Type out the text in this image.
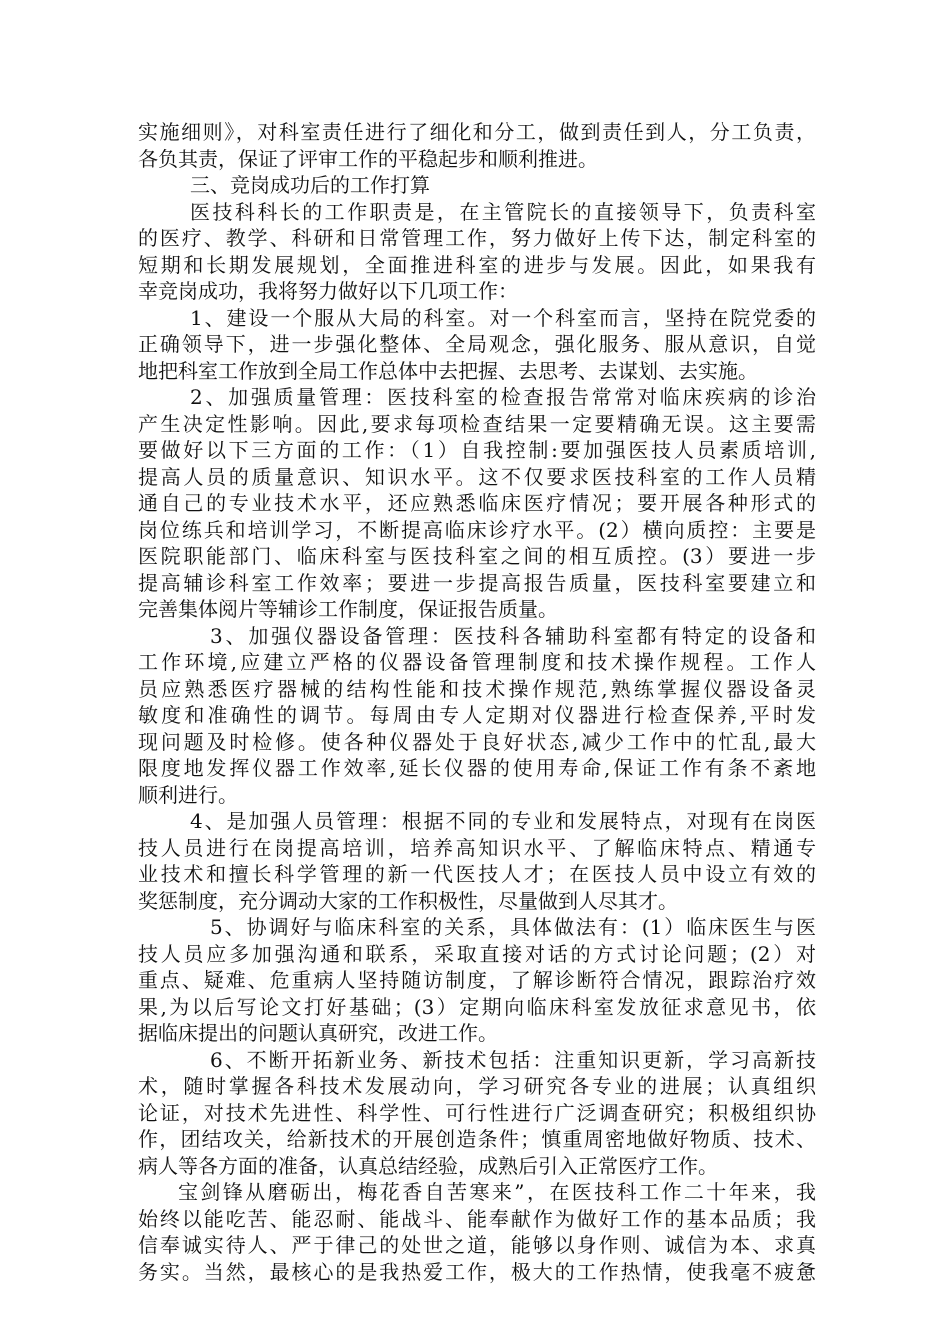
实施细则》，对科室责任进行了细化和分工，做到责任到人，分工负责，
各负其责，保证了评审工作的平稳起步和顺利推进。
三、竞岗成功后的工作打算
医技科科长的工作职责是，在主管院长的直接领导下，负责科室
的医疗、教学、科研和日常管理工作，努力做好上传下达，制定科室的
短期和长期发展规划，全面推进科室的进步与发展。因此，如果我有
幸竞岗成功，我将努力做好以下几项工作：
1、建设一个服从大局的科室。对一个科室而言，坚持在院党委的
正确领导下，进一步强化整体、全局观念，强化服务、服从意识，自觉
地把科室工作放到全局工作总体中去把握、去思考、去谋划、去实施。
2、加强质量管理：医技科室的检查报告常常对临床疾病的诊治
产生决定性影响。因此,要求每项检查结果一定要精确无误。这主要需
要做好以下三方面的工作：（1）自我控制:要加强医技人员素质培训,
提高人员的质量意识、知识水平。这不仅要求医技科室的工作人员精
通自己的专业技术水平，还应熟悉临床医疗情况；要开展各种形式的
岗位练兵和培训学习，不断提高临床诊疗水平。(2）横向质控：主要是
医院职能部门、临床科室与医技科室之间的相互质控。(3）要进一步
提高辅诊科室工作效率；要进一步提高报告质量，医技科室要建立和
完善集体阅片等辅诊工作制度，保证报告质量。
3、加强仪器设备管理：医技科各辅助科室都有特定的设备和
工作环境,应建立严格的仪器设备管理制度和技术操作规程。工作人
员应熟悉医疗器械的结构性能和技术操作规范,熟练掌握仪器设备灵
敏度和准确性的调节。每周由专人定期对仪器进行检查保养,平时发
现问题及时检修。使各种仪器处于良好状态,减少工作中的忙乱,最大
限度地发挥仪器工作效率,延长仪器的使用寿命,保证工作有条不紊地
顺利进行。
4、是加强人员管理：根据不同的专业和发展特点，对现有在岗医
技人员进行在岗提高培训，培养高知识水平、了解临床特点、精通专
业技术和擅长科学管理的新一代医技人才；在医技人员中设立有效的
奖惩制度，充分调动大家的工作积极性，尽量做到人尽其才。
5、协调好与临床科室的关系，具体做法有：(1）临床医生与医
技人员应多加强沟通和联系，采取直接对话的方式讨论问题；(2）对
重点、疑难、危重病人坚持随访制度，了解诊断符合情况，跟踪治疗效
果,为以后写论文打好基础；(3）定期向临床科室发放征求意见书，依
据临床提出的问题认真研究，改进工作。
6、不断开拓新业务、新技术包括：注重知识更新，学习高新技
术，随时掌握各科技术发展动向，学习研究各专业的进展；认真组织
论证，对技术先进性、科学性、可行性进行广泛调查研究；积极组织协
作，团结攻关，给新技术的开展创造条件；慎重周密地做好物质、技术、
病人等各方面的准备，认真总结经验，成熟后引入正常医疗工作。
宝剑锋从磨砺出，梅花香自苦寒来”，在医技科工作二十年来，我
始终以能吃苦、能忍耐、能战斗、能奉献作为做好工作的基本品质；我
信奉诚实待人、严于律己的处世之道，能够以身作则、诚信为本、求真
务实。当然，最核心的是我热爱工作，极大的工作热情，使我毫不疲惫
